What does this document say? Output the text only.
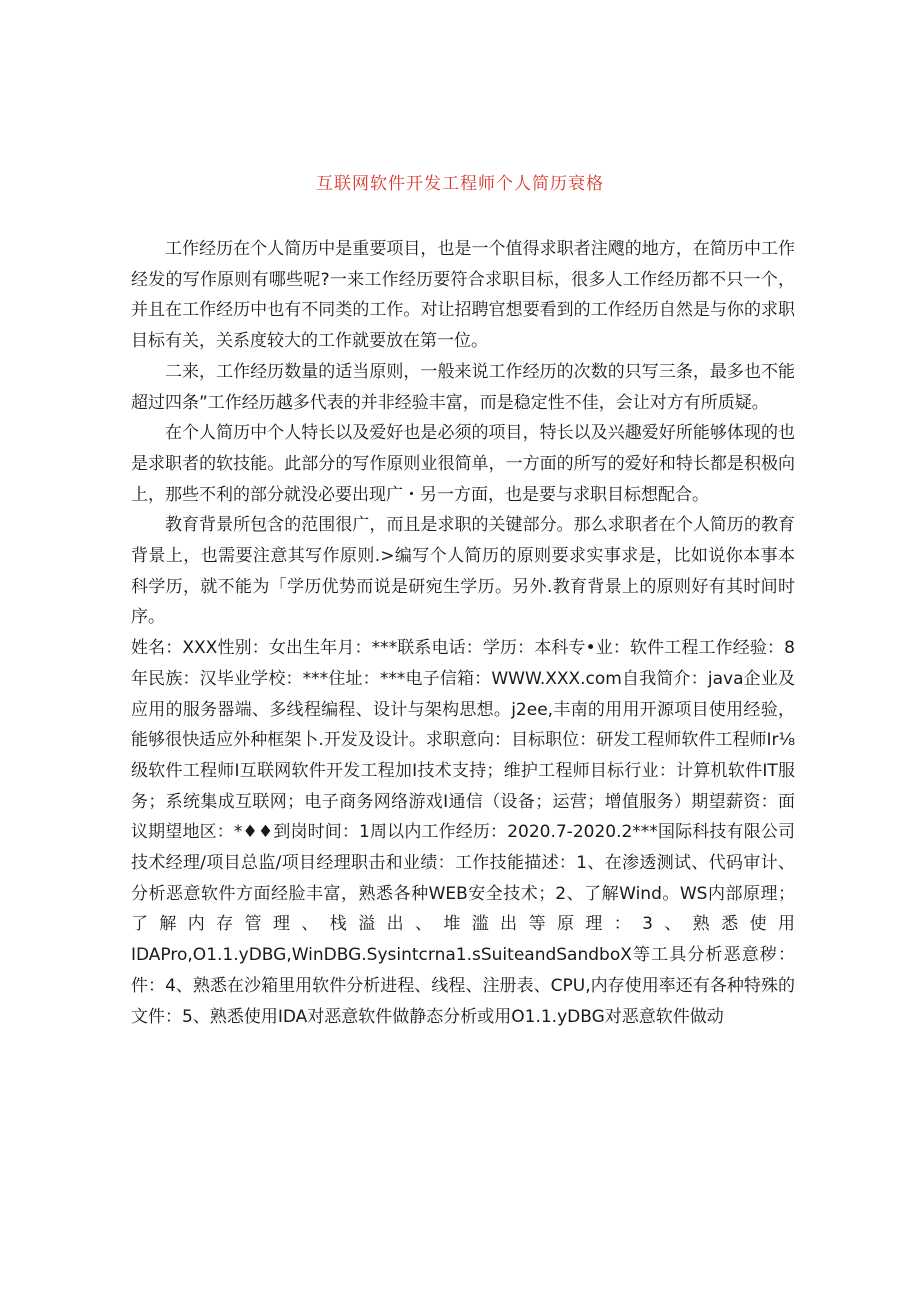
互联网软件开发工程师个人简历衰格

工作经历在个人简历中是重要项目，也是一个值得求职者注飕的地方，在简历中工作经发的写作原则有哪些呢?一来工作经历要符合求职目标，很多人工作经历都不只一个，并且在工作经历中也有不同类的工作。对让招聘官想要看到的工作经历自然是与你的求职目标有关，关系度较大的工作就要放在第一位。

二来，工作经历数量的适当原则，一般来说工作经历的次数的只写三条，最多也不能超过四条”工作经历越多代表的并非经验丰富，而是稳定性不佳，会让对方有所质疑。

在个人简历中个人特长以及爱好也是必须的项目，特长以及兴趣爱好所能够体现的也是求职者的软技能。此部分的写作原则业很简单，一方面的所写的爱好和特长都是积极向上，那些不利的部分就没必要出现广・另一方面，也是要与求职目标想配合。

教育背景所包含的范围很广，而且是求职的关键部分。那么求职者在个人简历的教育背景上，也需要注意其写作原则.>编写个人简历的原则要求实事求是，比如说你本事本科学历，就不能为「学历优势而说是研宛生学历。另外.教育背景上的原则好有其时间时序。

姓名：XXX性别：女出生年月：***联系电话：学历：本科专•业：软件工程工作经验：8年民族：汉毕业学校：***住址：***电子信箱：WWW.XXX.com自我简介：java企业及应用的服务器端、多线程编程、设计与架构思想。j2ee,丰南的用用开源项目使用经验，能够很快适应外种框架卜.开发及设计。求职意向：目标职位：研发工程师软件工程师Ir⅛级软件工程师I互联网软件开发工程加I技术支持；维护工程师目标行业：计算机软件IT服务；系统集成互联网；电子商务网络游戏I通信（设备；运营；增值服务）期望薪资：面议期望地区：*♦♦到岗时间：1周以内工作经历：2020.7-2020.2***国际科技有限公司技术经理/项目总监/项目经理职击和业绩：工作技能描述：1、在渗透测试、代码审计、分析恶意软件方面经脸丰富，熟悉各种WEB安全技术；2、了解Wind。WS内部原理；了解内存管理、栈溢出、堆滥出等原理：3、熟悉使用IDAPro,O1.1.yDBG,WinDBG.Sysintcrna1.sSuiteandSandboX等工具分析恶意秽：件：4、熟悉在沙箱里用软件分析进程、线程、注册表、CPU,内存使用率还有各种特殊的文件：5、熟悉使用IDA对恶意软件做静态分析或用O1.1.yDBG对恶意软件做动
